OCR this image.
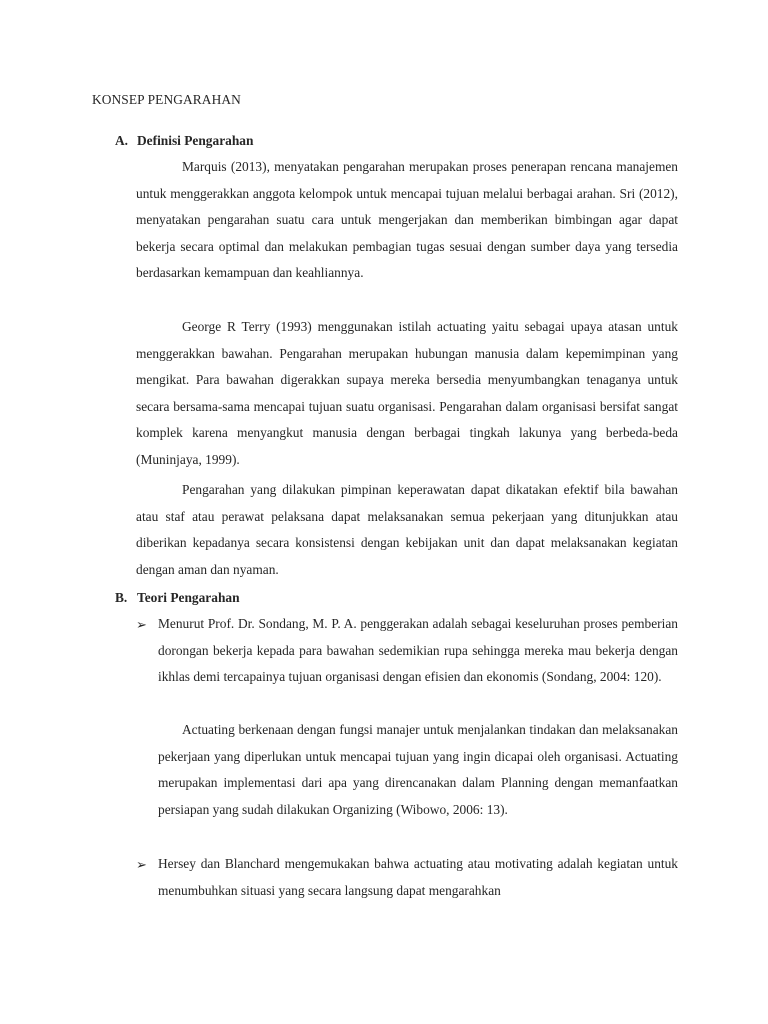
KONSEP PENGARAHAN
A. Definisi Pengarahan

Marquis (2013), menyatakan pengarahan merupakan proses penerapan rencana manajemen untuk menggerakkan anggota kelompok untuk mencapai tujuan melalui berbagai arahan. Sri (2012), menyatakan pengarahan suatu cara untuk mengerjakan dan memberikan bimbingan agar dapat bekerja secara optimal dan melakukan pembagian tugas sesuai dengan sumber daya yang tersedia berdasarkan kemampuan dan keahliannya.

George R Terry (1993) menggunakan istilah actuating yaitu sebagai upaya atasan untuk menggerakkan bawahan. Pengarahan merupakan hubungan manusia dalam kepemimpinan yang mengikat. Para bawahan digerakkan supaya mereka bersedia menyumbangkan tenaganya untuk secara bersama-sama mencapai tujuan suatu organisasi. Pengarahan dalam organisasi bersifat sangat komplek karena menyangkut manusia dengan berbagai tingkah lakunya yang berbeda-beda (Muninjaya, 1999).

Pengarahan yang dilakukan pimpinan keperawatan dapat dikatakan efektif bila bawahan atau staf atau perawat pelaksana dapat melaksanakan semua pekerjaan yang ditunjukkan atau diberikan kepadanya secara konsistensi dengan kebijakan unit dan dapat melaksanakan kegiatan dengan aman dan nyaman.

B. Teori Pengarahan
➢ Menurut Prof. Dr. Sondang, M. P. A. penggerakan adalah sebagai keseluruhan proses pemberian dorongan bekerja kepada para bawahan sedemikian rupa sehingga mereka mau bekerja dengan ikhlas demi tercapainya tujuan organisasi dengan efisien dan ekonomis (Sondang, 2004: 120).

Actuating berkenaan dengan fungsi manajer untuk menjalankan tindakan dan melaksanakan pekerjaan yang diperlukan untuk mencapai tujuan yang ingin dicapai oleh organisasi. Actuating merupakan implementasi dari apa yang direncanakan dalam Planning dengan memanfaatkan persiapan yang sudah dilakukan Organizing (Wibowo, 2006: 13).

➢ Hersey dan Blanchard mengemukakan bahwa actuating atau motivating adalah kegiatan untuk menumbuhkan situasi yang secara langsung dapat mengarahkan
